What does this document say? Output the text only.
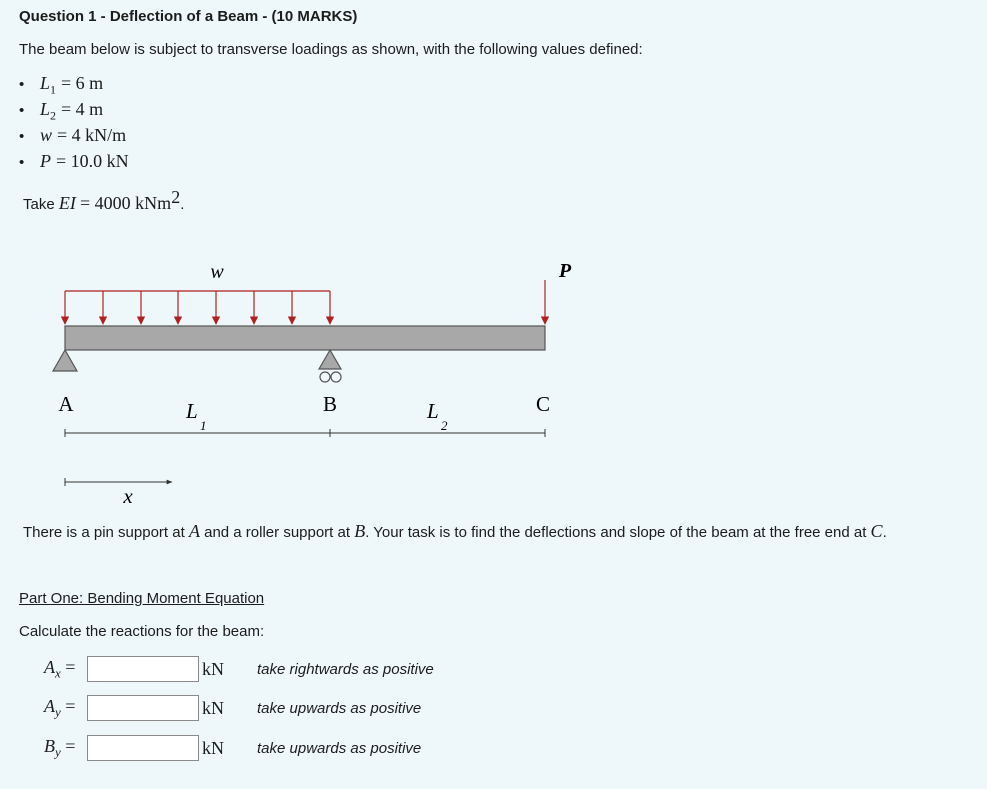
Question 1 - Deflection of a Beam - (10 MARKS)
The beam below is subject to transverse loadings as shown, with the following values defined:
• $L_1 = 6$ m
• $L_2 = 4$ m
• w = 4 kN/m
• P = 10.0 kN
Take EI = 4000 kNm$^2$.
w	P
A	B	C
L
1
L
2
x
There is a pin support at A and a roller support at B. Your task is to find the deflections and slope of the beam at the free end at C.
Part One: Bending Moment Equation
Calculate the reactions for the beam:
$A_x$ =	kN	take rightwards as positive
$A_y$ =	kN	take upwards as positive
$B_y$ =	kN	take upwards as positive
